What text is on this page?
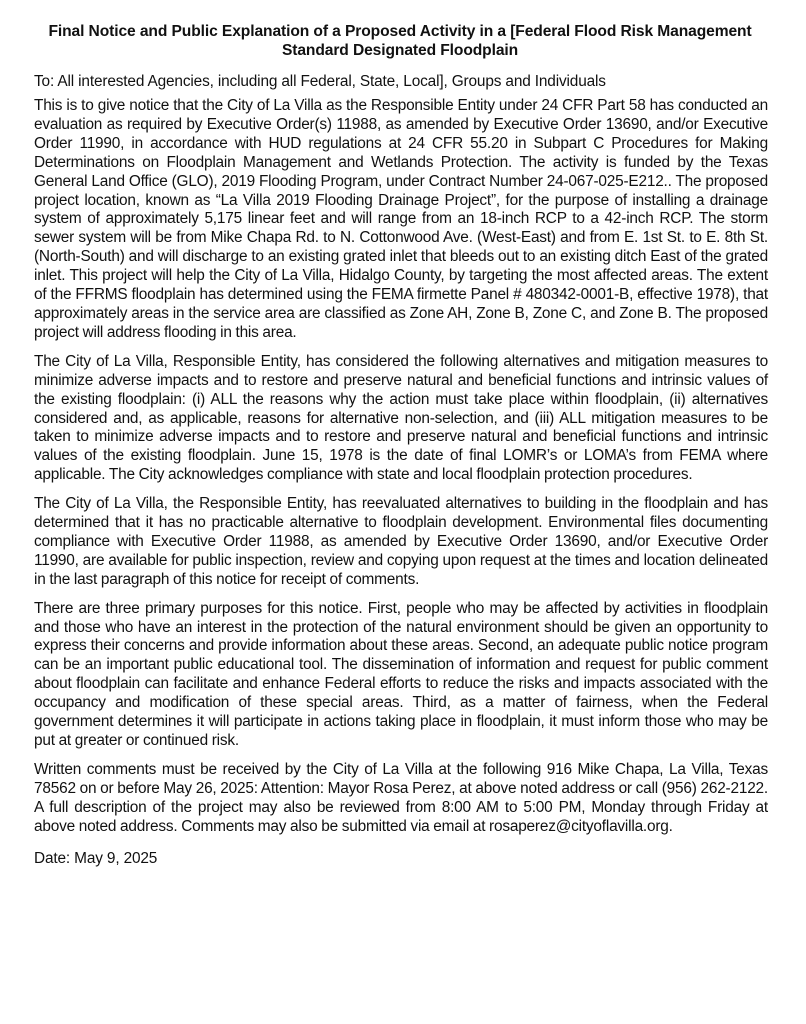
Final Notice and Public Explanation of a Proposed Activity in a [Federal Flood Risk Management Standard Designated Floodplain
To: All interested Agencies, including all Federal, State, Local], Groups and Individuals

This is to give notice that the City of La Villa as the Responsible Entity under 24 CFR Part 58 has conducted an evaluation as required by Executive Order(s) 11988, as amended by Executive Order 13690, and/or Executive Order 11990, in accordance with HUD regulations at 24 CFR 55.20 in Subpart C Procedures for Making Determinations on Floodplain Management and Wetlands Protection. The activity is funded by the Texas General Land Office (GLO), 2019 Flooding Program, under Contract Number 24-067-025-E212.. The proposed project location, known as “La Villa 2019 Flooding Drainage Project”, for the purpose of installing a drainage system of approximately 5,175 linear feet and will range from an 18-inch RCP to a 42-inch RCP. The storm sewer system will be from Mike Chapa Rd. to N. Cottonwood Ave. (West-East) and from E. 1st St. to E. 8th St. (North-South) and will discharge to an existing grated inlet that bleeds out to an existing ditch East of the grated inlet. This project will help the City of La Villa, Hidalgo County, by targeting the most affected areas. The extent of the FFRMS floodplain has determined using the FEMA firmette Panel # 480342-0001-B, effective 1978), that approximately areas in the service area are classified as Zone AH, Zone B, Zone C, and Zone B. The proposed project will address flooding in this area.

The City of La Villa, Responsible Entity, has considered the following alternatives and mitigation measures to minimize adverse impacts and to restore and preserve natural and beneficial functions and intrinsic values of the existing floodplain: (i) ALL the reasons why the action must take place within floodplain, (ii) alternatives considered and, as applicable, reasons for alternative non-selection, and (iii) ALL mitigation measures to be taken to minimize adverse impacts and to restore and preserve natural and beneficial functions and intrinsic values of the existing floodplain. June 15, 1978 is the date of final LOMR’s or LOMA’s from FEMA where applicable. The City acknowledges compliance with state and local floodplain protection procedures.

The City of La Villa, the Responsible Entity, has reevaluated alternatives to building in the floodplain and has determined that it has no practicable alternative to floodplain development. Environmental files documenting compliance with Executive Order 11988, as amended by Executive Order 13690, and/or Executive Order 11990, are available for public inspection, review and copying upon request at the times and location delineated in the last paragraph of this notice for receipt of comments.

There are three primary purposes for this notice. First, people who may be affected by activities in floodplain and those who have an interest in the protection of the natural environment should be given an opportunity to express their concerns and provide information about these areas. Second, an adequate public notice program can be an important public educational tool. The dissemination of information and request for public comment about floodplain can facilitate and enhance Federal efforts to reduce the risks and impacts associated with the occupancy and modification of these special areas. Third, as a matter of fairness, when the Federal government determines it will participate in actions taking place in floodplain, it must inform those who may be put at greater or continued risk.

Written comments must be received by the City of La Villa at the following 916 Mike Chapa, La Villa, Texas 78562 on or before May 26, 2025: Attention: Mayor Rosa Perez, at above noted address or call (956) 262-2122. A full description of the project may also be reviewed from 8:00 AM to 5:00 PM, Monday through Friday at above noted address. Comments may also be submitted via email at rosaperez@cityoflavilla.org.

Date: May 9, 2025
